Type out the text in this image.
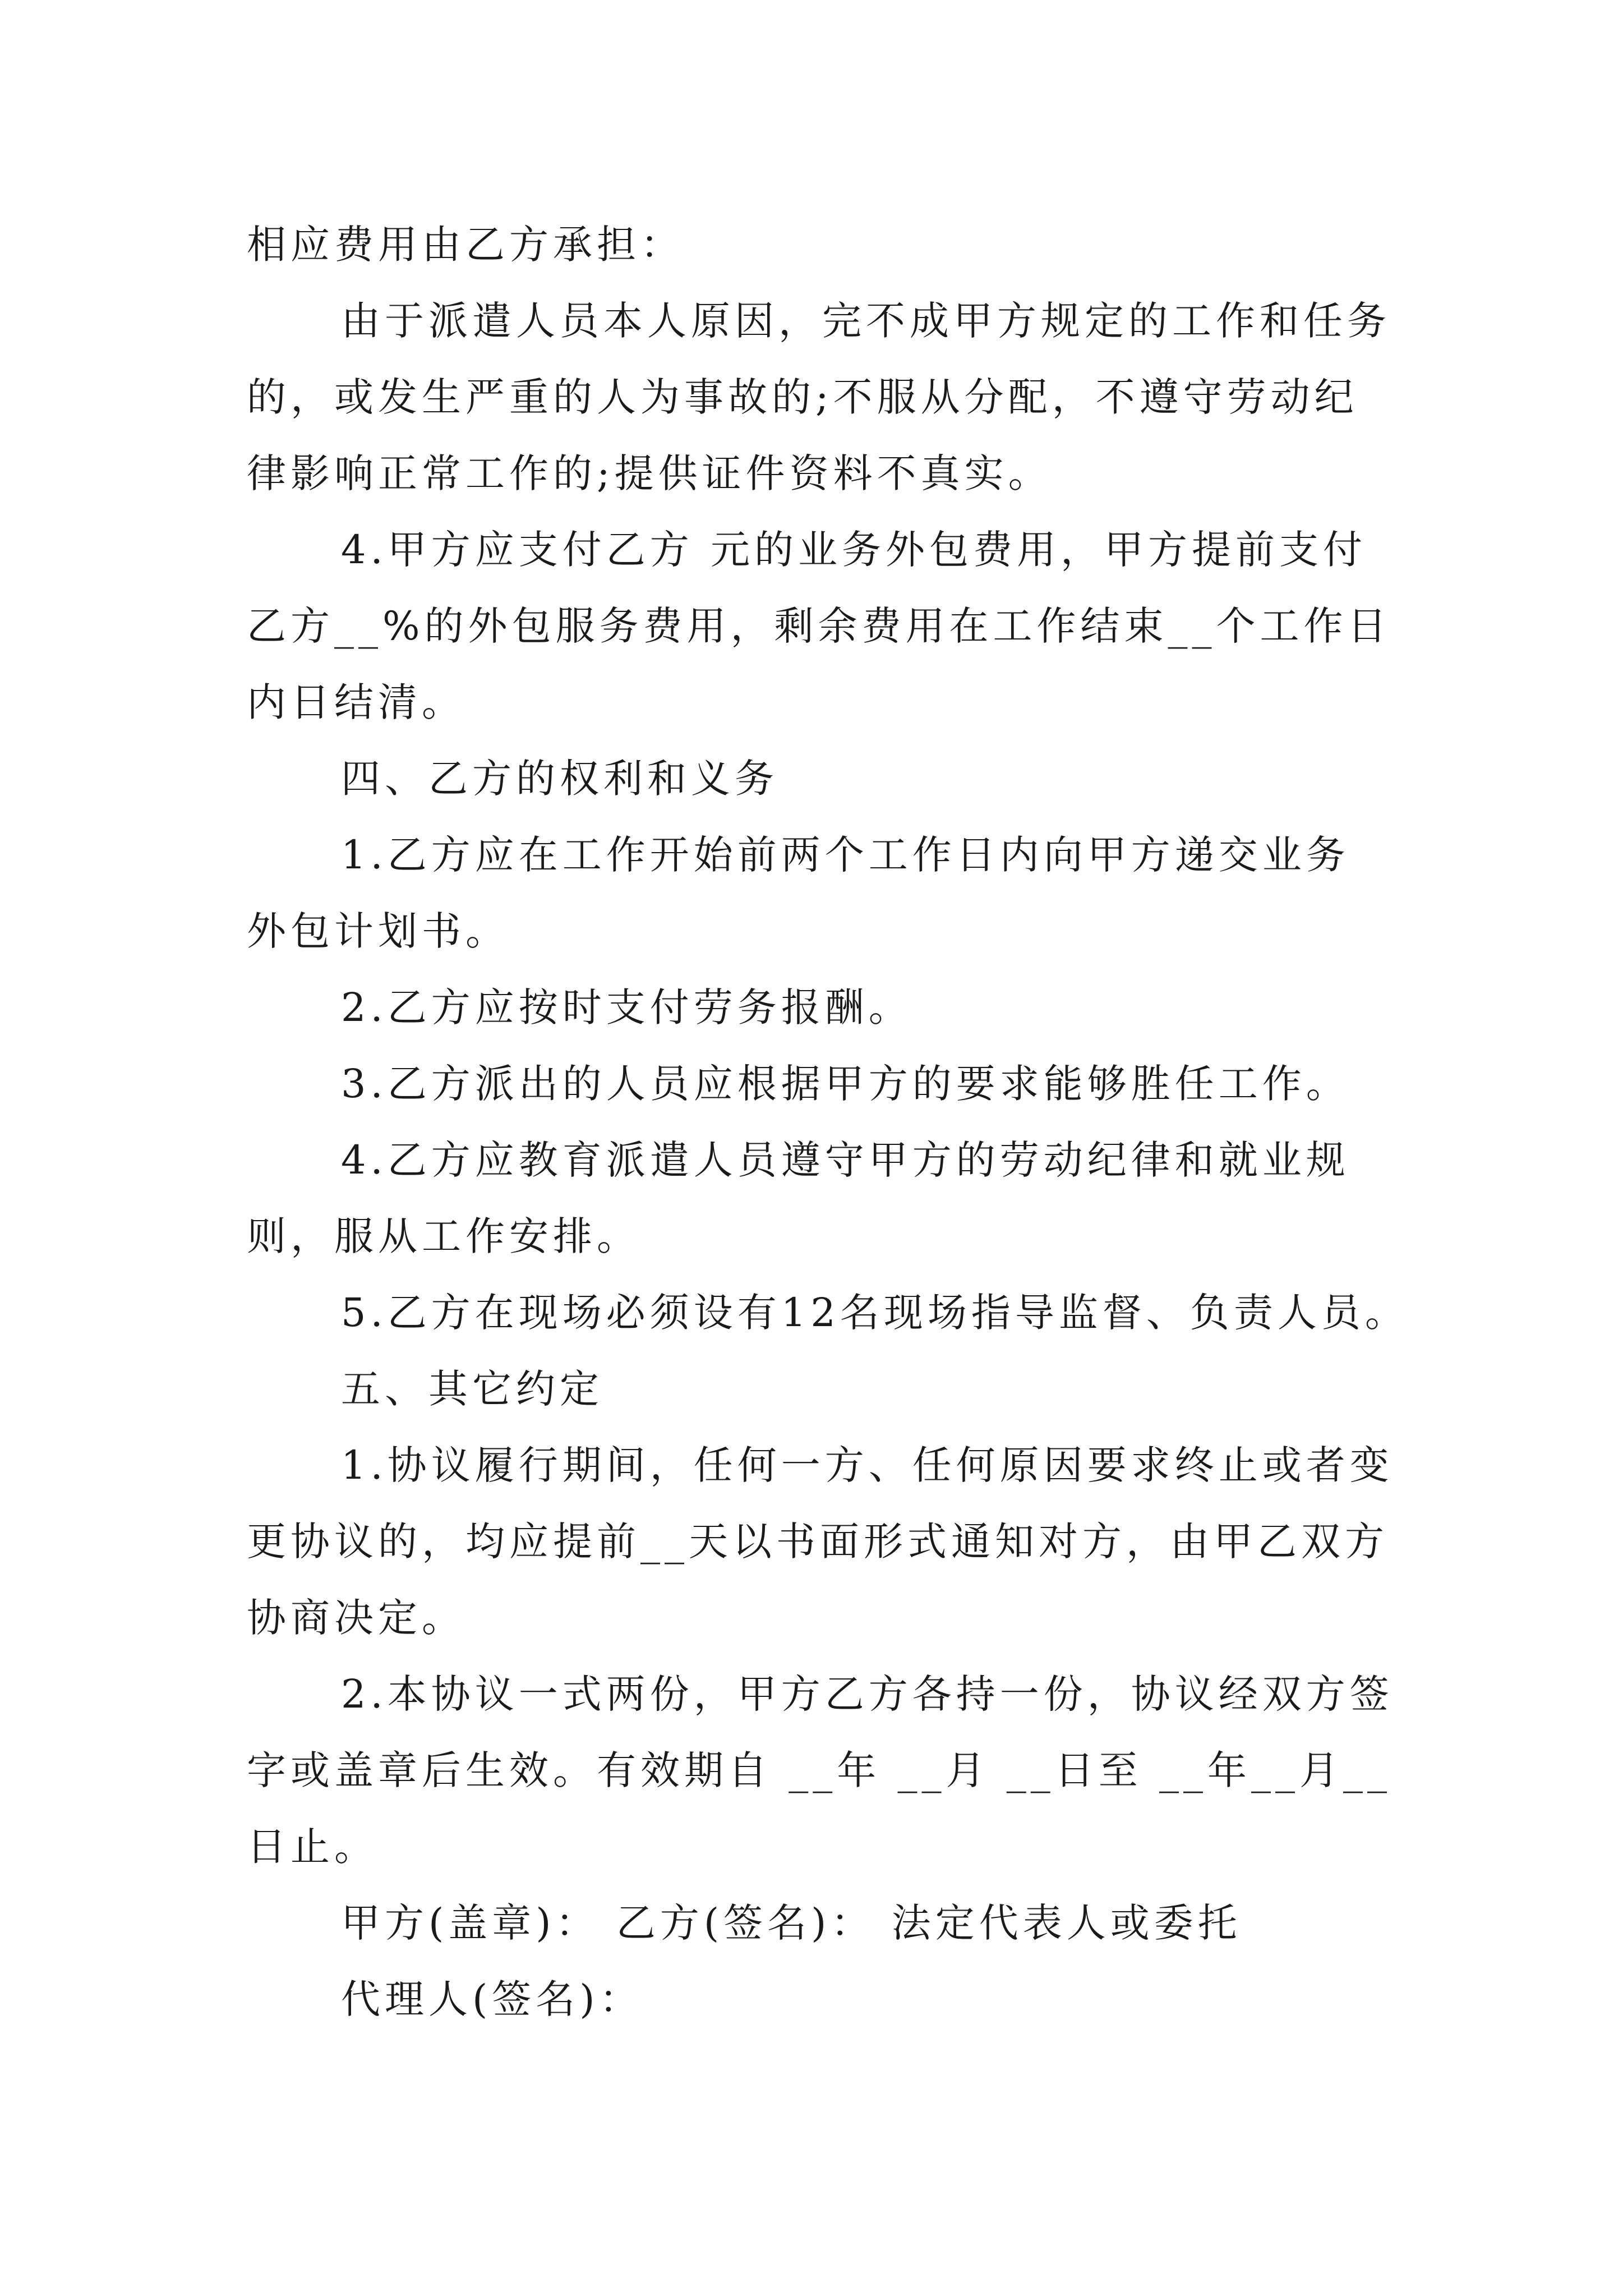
相应费用由乙方承担：
由于派遣人员本人原因，完不成甲方规定的工作和任务
的，或发生严重的人为事故的;不服从分配，不遵守劳动纪
律影响正常工作的;提供证件资料不真实。
4.甲方应支付乙方 元的业务外包费用，甲方提前支付
乙方__%的外包服务费用，剩余费用在工作结束__个工作日
内日结清。
四、乙方的权利和义务
1.乙方应在工作开始前两个工作日内向甲方递交业务
外包计划书。
2.乙方应按时支付劳务报酬。
3.乙方派出的人员应根据甲方的要求能够胜任工作。
4.乙方应教育派遣人员遵守甲方的劳动纪律和就业规
则，服从工作安排。
5.乙方在现场必须设有12名现场指导监督、负责人员。
五、其它约定
1.协议履行期间，任何一方、任何原因要求终止或者变
更协议的，均应提前__天以书面形式通知对方，由甲乙双方
协商决定。
2.本协议一式两份，甲方乙方各持一份，协议经双方签
字或盖章后生效。有效期自 __年 __月 __日至 __年__月__
日止。
甲方(盖章)： 乙方(签名)： 法定代表人或委托
代理人(签名)：
